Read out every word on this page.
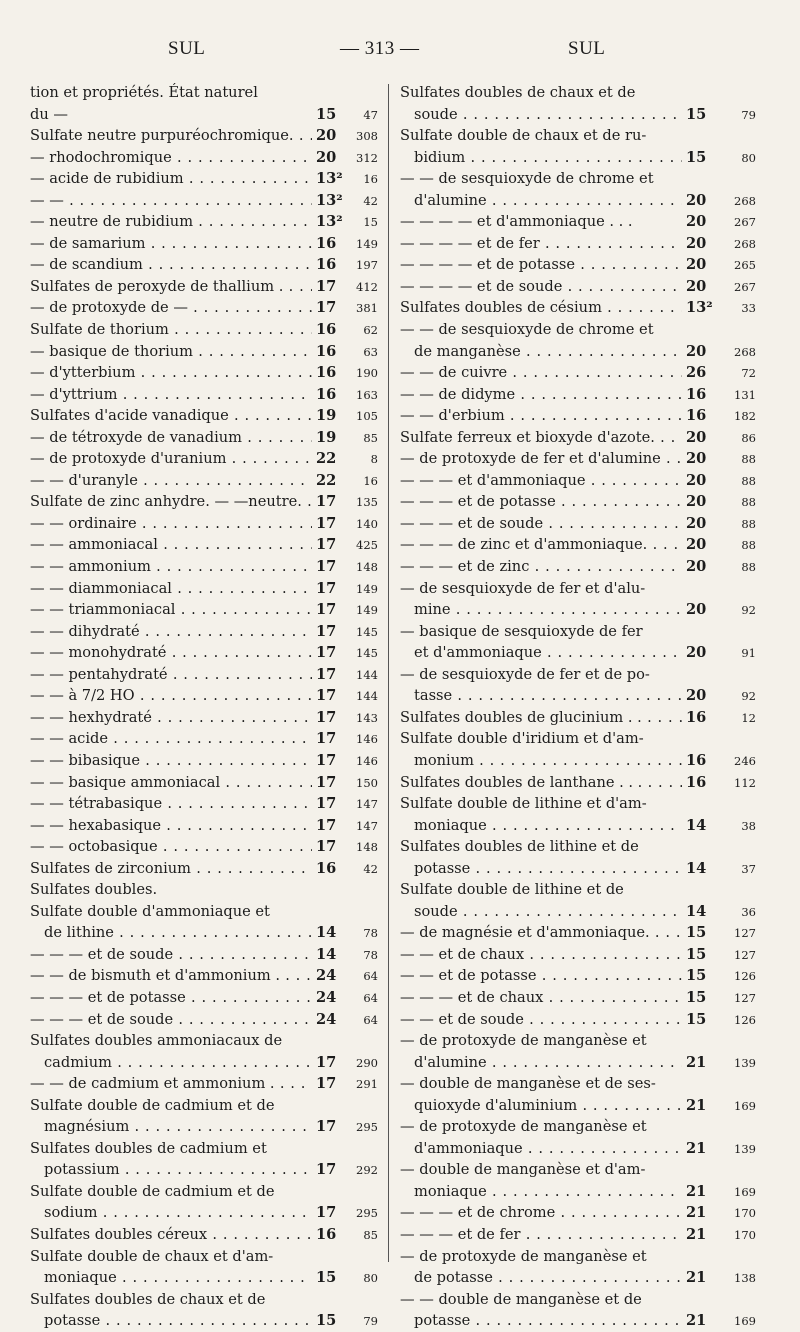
SUL	— 313 —	SUL
tion et propriétés. État naturel
du —	15	47
Sulfate neutre purpuréochromique. . . .	20	308
— rhodochromique . . .	20	312
— acide de rubidium . . .	13²	16
— — . . .	13²	42
— neutre de rubidium . . .	13²	15
— de samarium . . .	16	149
— de scandium . . .	16	197
Sulfates de peroxyde de thallium . . . .	17	412
— de protoxyde de — . . .	17	381
Sulfate de thorium . . .	16	62
— basique de thorium . . .	16	63
— d'ytterbium . . .	16	190
— d'yttrium . . .	16	163
Sulfates d'acide vanadique . . .	19	105
— de tétroxyde de vanadium . . .	19	85
— de protoxyde d'uranium . . .	22	8
— — d'uranyle . . .	22	16
Sulfate de zinc anhydre. — —neutre. . . . 17	135
— — ordinaire . . .	17	140
— — ammoniacal . . .	17	425
— — ammonium . . .	17	148
— — diammoniacal . . .	17	149
— — triammoniacal . . .	17	149
— — dihydraté . . .	17	145
— — monohydraté . . .	17	145
— — pentahydraté . . .	17	144
— — à 7/2 HO . . .	17	144
— — hexhydraté . . .	17	143
— — acide . . .	17	146
— — bibasique . . .	17	146
— — basique ammoniacal . . .	17	150
— — tétrabasique . . .	17	147
— — hexabasique . . .	17	147
— — octobasique . . .	17	148
Sulfates de zirconium . . .	16	42
Sulfates doubles.
Sulfate double d'ammoniaque et
de lithine . . .	14	78
— — — et de soude . . .	14	78
— — de bismuth et d'ammonium . . . .	24	64
— — — et de potasse . . .	24	64
— — — et de soude . . .	24	64
Sulfates doubles ammoniacaux de
cadmium . . .	17	290
— — de cadmium et ammonium . . . .	17	291
Sulfate double de cadmium et de
magnésium . . .	17	295
Sulfates doubles de cadmium et
potassium . . .	17	292
Sulfate double de cadmium et de
sodium . . .	17	295
Sulfates doubles céreux . . .	16	85
Sulfate double de chaux et d'am-
moniaque . . .	15	80
Sulfates doubles de chaux et de
potasse . . .	15	79
Sulfates doubles de chaux et de
soude . . .	15	79
Sulfate double de chaux et de ru-
bidium . . .	15	80
— — de sesquioxyde de chrome et
d'alumine . . .	20	268
— — — — et d'ammoniaque . . .	20	267
— — — — et de fer . . .	20	268
— — — — et de potasse . . .	20	265
— — — — et de soude . . .	20	267
Sulfates doubles de césium . . .	13²	33
— — de sesquioxyde de chrome et
de manganèse . . .	20	268
— — de cuivre . . .	26	72
— — de didyme . . .	16	131
— — d'erbium . . .	16	182
Sulfate ferreux et bioxyde d'azote. . . .	20	86
— de protoxyde de fer et d'alumine . . .	20	88
— — — et d'ammoniaque . . .	20	88
— — — et de potasse . . .	20	88
— — — et de soude . . .	20	88
— — — de zinc et d'ammoniaque. . . .	20	88
— — — et de zinc . . .	20	88
— de sesquioxyde de fer et d'alu-
mine . . .	20	92
— basique de sesquioxyde de fer
et d'ammoniaque . . .	20	91
— de sesquioxyde de fer et de po-
tasse . . .	20	92
Sulfates doubles de glucinium . . . . .	16	12
Sulfate double d'iridium et d'am-
monium . . .	16	246
Sulfates doubles de lanthane . . . . . .	16	112
Sulfate double de lithine et d'am-
moniaque . . .	14	38
Sulfates doubles de lithine et de
potasse . . .	14	37
Sulfate double de lithine et de
soude . . .	14	36
— de magnésie et d'ammoniaque. . . .	15	127
— — et de chaux . . .	15	127
— — et de potasse . . .	15	126
— — — et de chaux . . .	15	127
— — et de soude . . .	15	126
— de protoxyde de manganèse et
d'alumine . . .	21	139
— double de manganèse et de ses-
quioxyde d'aluminium . . .	21	169
— de protoxyde de manganèse et
d'ammoniaque . . .	21	139
— double de manganèse et d'am-
moniaque . . .	21	169
— — — et de chrome . . .	21	170
— — — et de fer . . .	21	170
— de protoxyde de manganèse et
de potasse . . .	21	138
— — double de manganèse et de
potasse . . .	21	169
